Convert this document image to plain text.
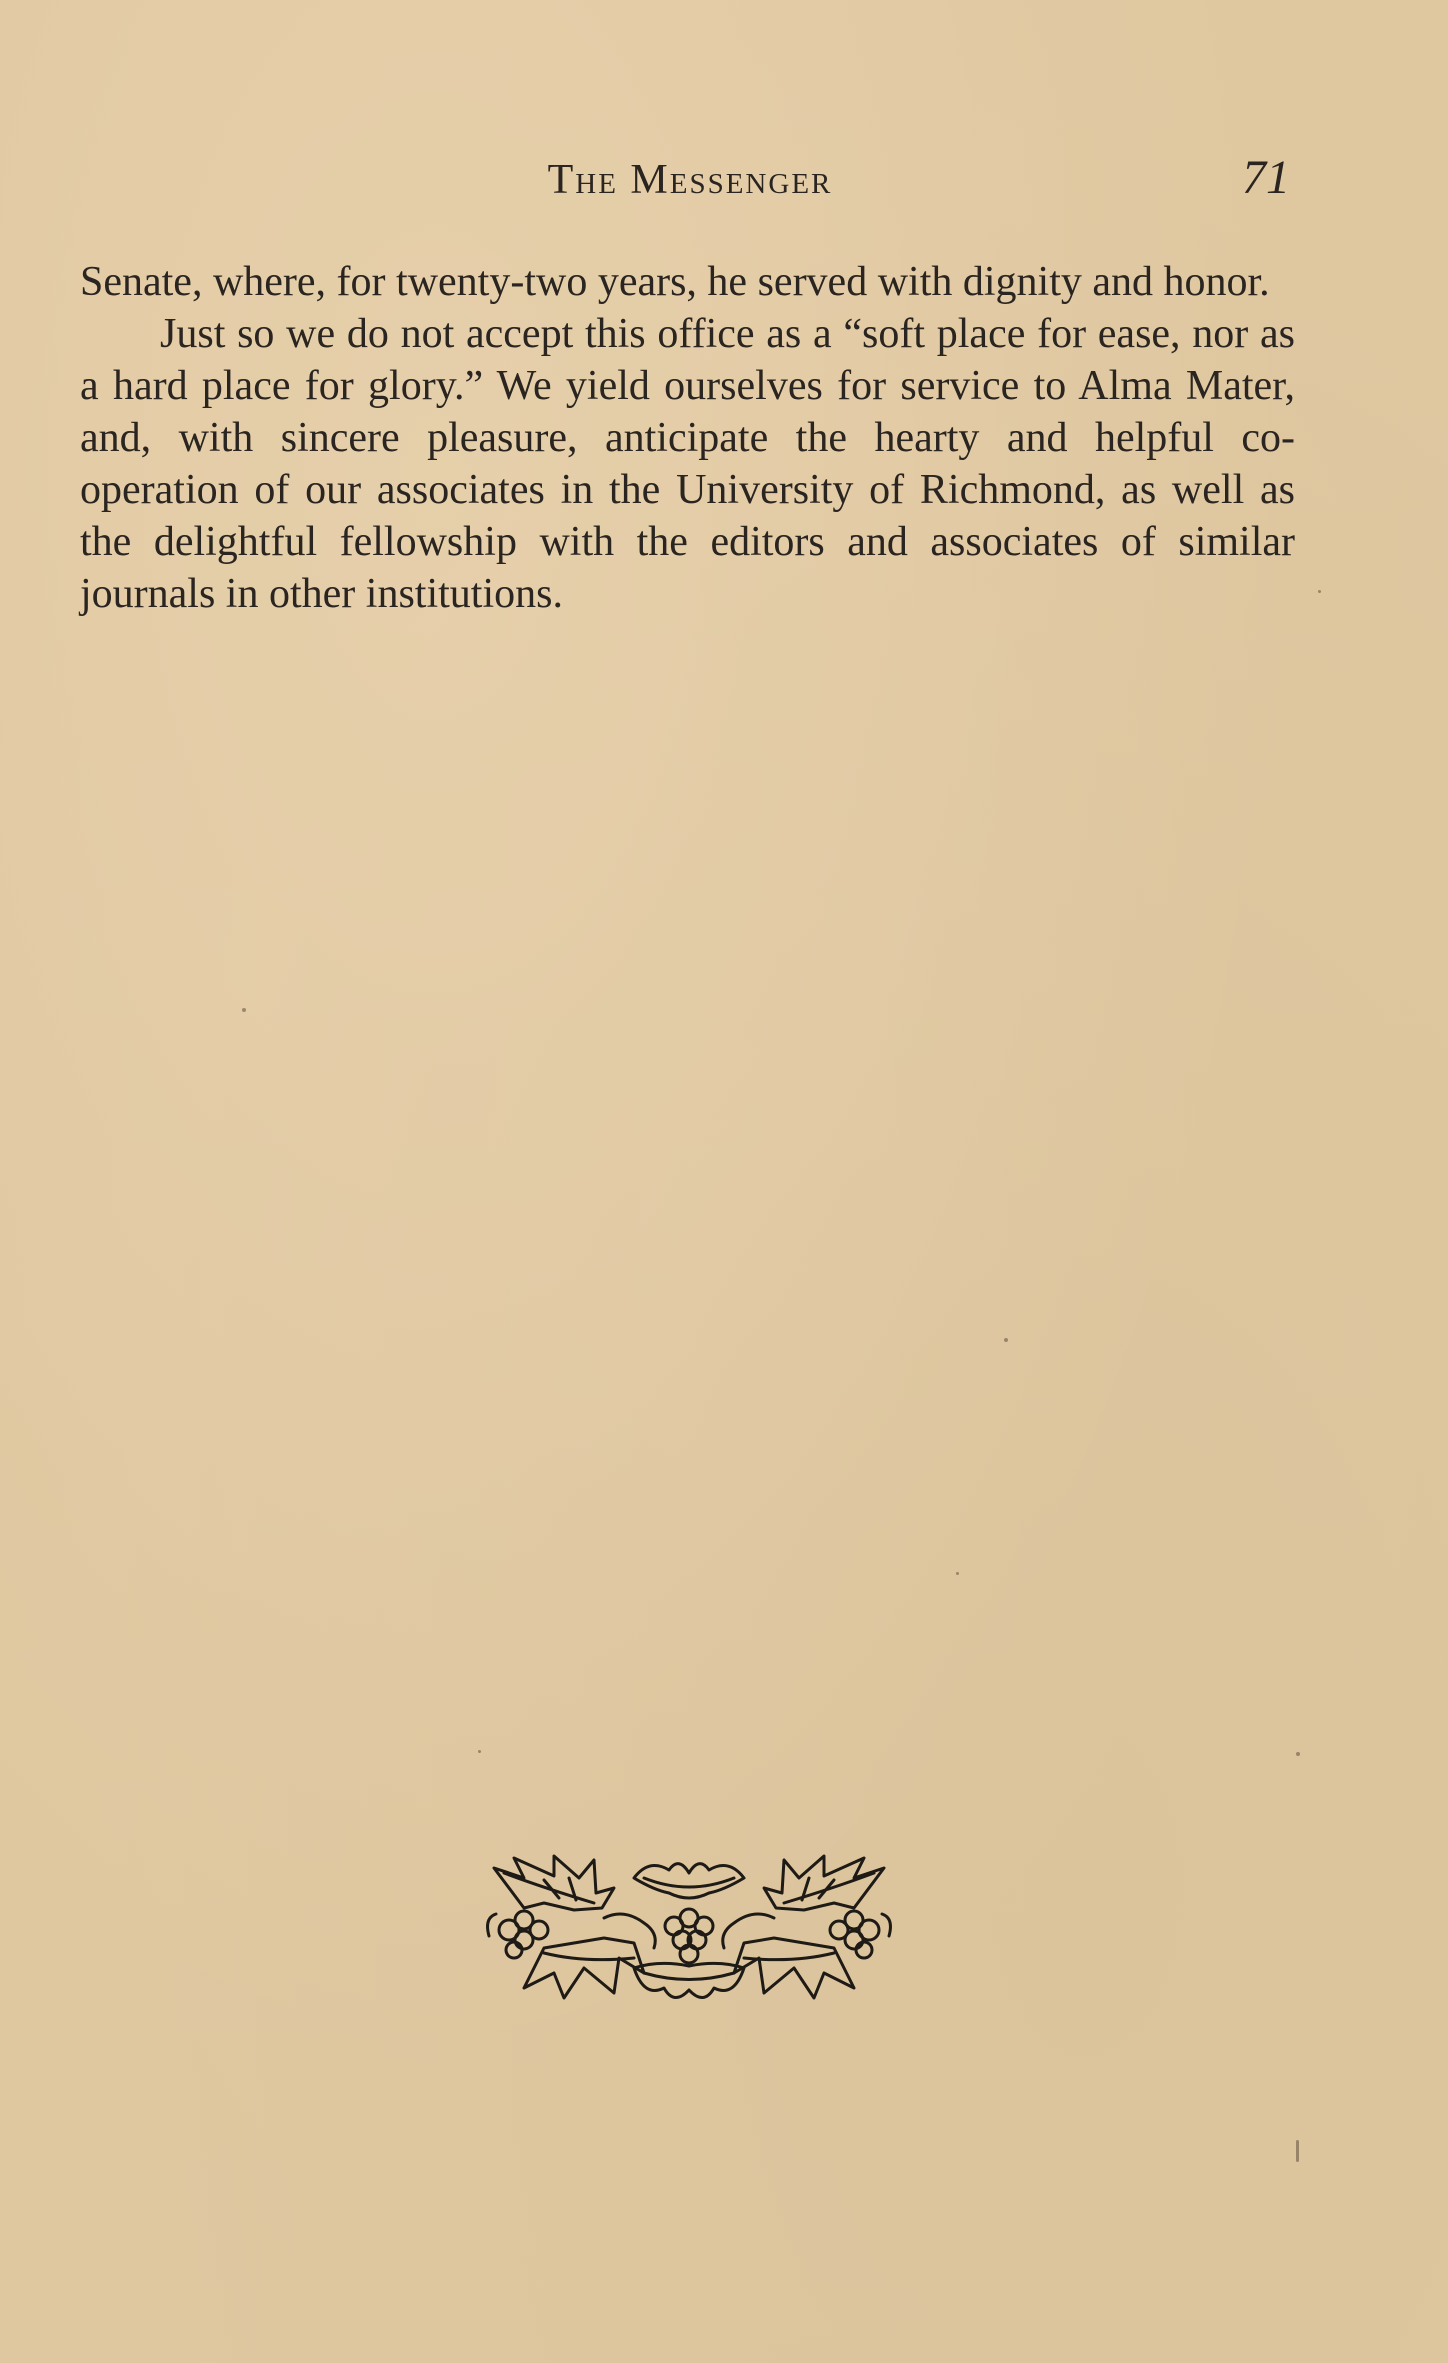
The Messenger	71

Senate, where, for twenty-two years, he served with dignity and honor.

Just so we do not accept this office as a “soft place for ease, nor as a hard place for glory.” We yield ourselves for service to Alma Mater, and, with sincere pleasure, anticipate the hearty and helpful co-operation of our associates in the University of Richmond, as well as the delightful fellowship with the editors and associates of similar journals in other institutions.
